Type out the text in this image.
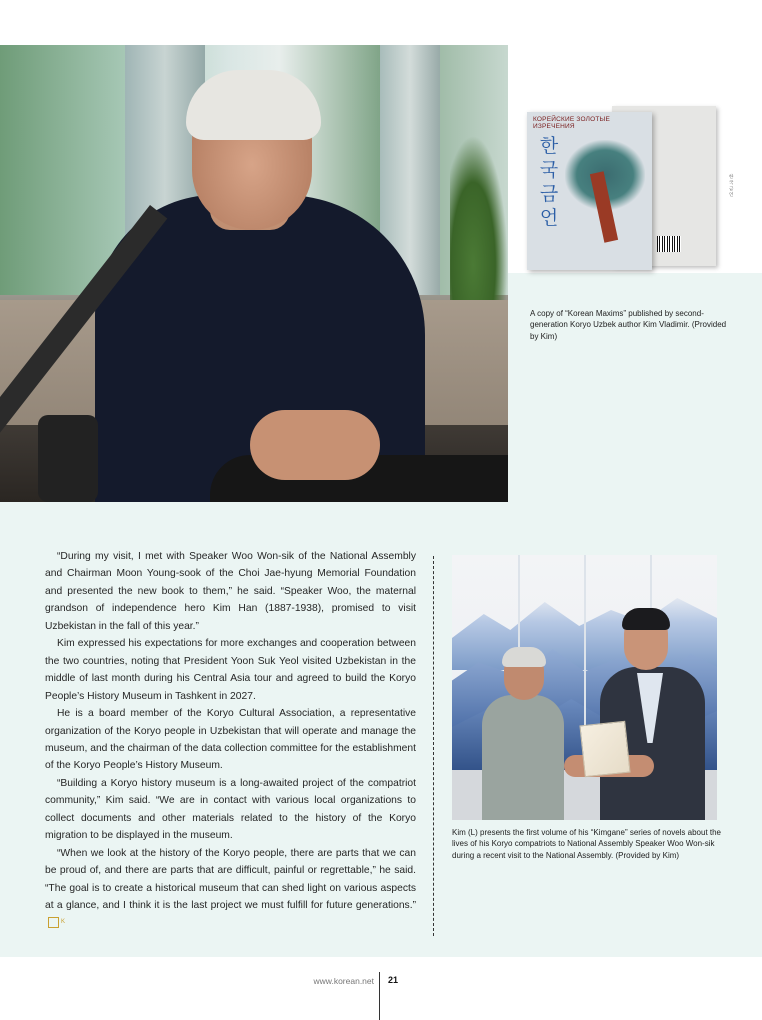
한 국 금 언
КОРЕЙСКИЕ ЗОЛОТЫЕ ИЗРЕЧЕНИЯ
한
국
금
언
A copy of “Korean Maxims” published by second-generation Koryo Uzbek author Kim Vladimir. (Provided by Kim)

“During my visit, I met with Speaker Woo Won-sik of the National Assembly and Chairman Moon Young-sook of the Choi Jae-hyung Memorial Foundation and presented the new book to them,” he said. “Speaker Woo, the maternal grandson of independence hero Kim Han (1887-1938), promised to visit Uzbekistan in the fall of this year.”

Kim expressed his expectations for more exchanges and cooperation between the two countries, noting that President Yoon Suk Yeol visited Uzbekistan in the middle of last month during his Central Asia tour and agreed to build the Koryo People’s History Museum in Tashkent in 2027.

He is a board member of the Koryo Cultural Association, a representative organization of the Koryo people in Uzbekistan that will operate and manage the museum, and the chairman of the data collection committee for the establishment of the Koryo People’s History Museum.

“Building a Koryo history museum is a long-awaited project of the compatriot community,” Kim said. “We are in contact with various local organizations to collect documents and other materials related to the history of the Koryo migration to be displayed in the museum.

“When we look at the history of the Koryo people, there are parts that we can be proud of, and there are parts that are difficult, painful or regrettable,” he said. “The goal is to create a historical museum that can shed light on various aspects at a glance, and I think it is the last project we must fulfill for future generations.”K

Kim (L) presents the first volume of his “Kimgane” series of novels about the lives of his Koryo compatriots to National Assembly Speaker Woo Won-sik during a recent visit to the National Assembly. (Provided by Kim)
www.korean.net 21
